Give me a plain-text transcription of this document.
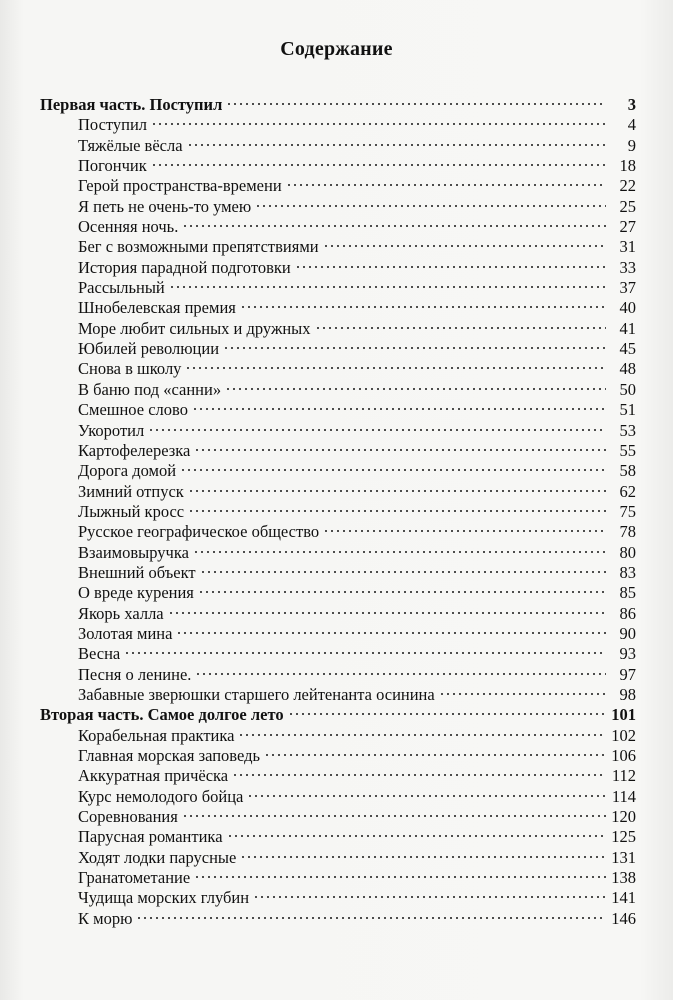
Содержание
Первая часть. Поступил	3
Поступил	4
Тяжёлые вёсла	9
Погончик	18
Герой пространства-времени	22
Я петь не очень-то умею	25
Осенняя ночь.	27
Бег с возможными препятствиями	31
История парадной подготовки	33
Рассыльный	37
Шнобелевская премия	40
Море любит сильных и дружных	41
Юбилей революции	45
Снова в школу	48
В баню под «санни»	50
Смешное слово	51
Укоротил	53
Картофелерезка	55
Дорога домой	58
Зимний отпуск	62
Лыжный кросс	75
Русское географическое общество	78
Взаимовыручка	80
Внешний объект	83
О вреде курения	85
Якорь халла	86
Золотая мина	90
Весна	93
Песня о ленине.	97
Забавные зверюшки старшего лейтенанта осинина	98
Вторая часть. Самое долгое лето	101
Корабельная практика	102
Главная морская заповедь	106
Аккуратная причёска	112
Курс немолодого бойца	114
Соревнования	120
Парусная романтика	125
Ходят лодки парусные	131
Гранатометание	138
Чудища морских глубин	141
К морю	146
